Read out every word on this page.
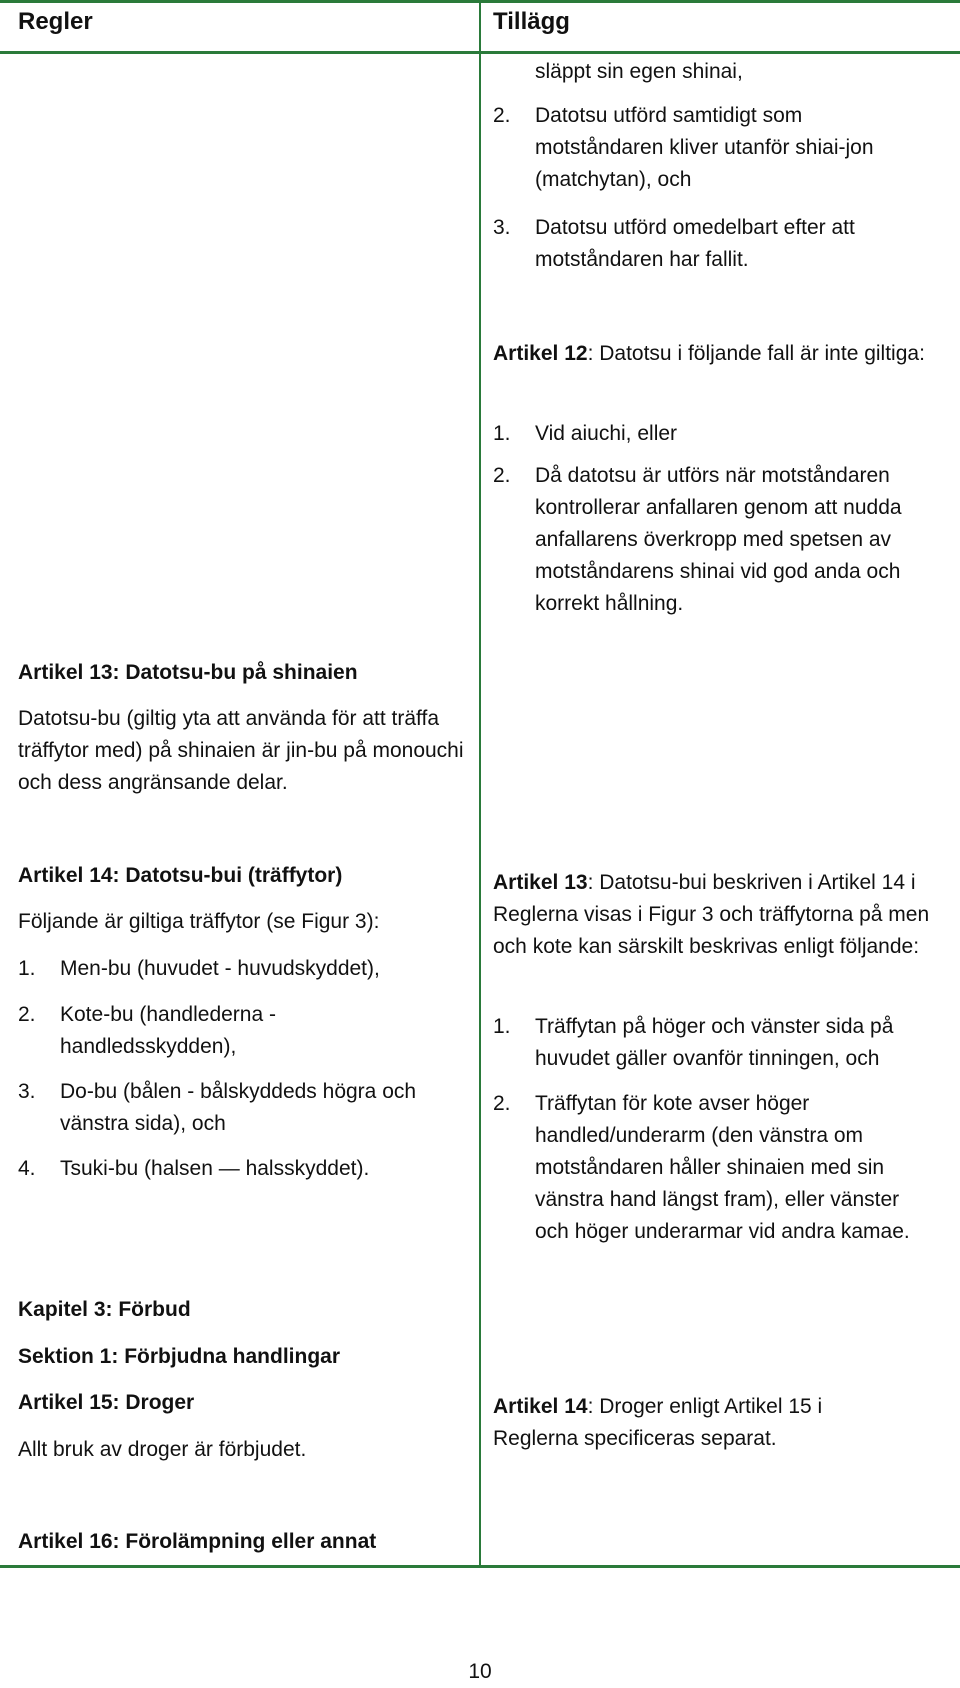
Regler	Tillägg
släppt sin egen shinai,
2. Datotsu utförd samtidigt som motståndaren kliver utanför shiai-jon (matchytan), och
3. Datotsu utförd omedelbart efter att motståndaren har fallit.
Artikel 12: Datotsu i följande fall är inte giltiga:
1. Vid aiuchi, eller
2. Då datotsu är utförs när motståndaren kontrollerar anfallaren genom att nudda anfallarens överkropp med spetsen av motståndarens shinai vid god anda och korrekt hållning.
Artikel 13: Datotsu-bui beskriven i Artikel 14 i Reglerna visas i Figur 3 och träffytorna på men och kote kan särskilt beskrivas enligt följande:
1. Träffytan på höger och vänster sida på huvudet gäller ovanför tinningen, och
2. Träffytan för kote avser höger handled/underarm (den vänstra om motståndaren håller shinaien med sin vänstra hand längst fram), eller vänster och höger underarmar vid andra kamae.
Artikel 14: Droger enligt Artikel 15 i Reglerna specificeras separat.
Artikel 13: Datotsu-bu på shinaien
Datotsu-bu (giltig yta att använda för att träffa träffytor med) på shinaien är jin-bu på monouchi och dess angränsande delar.
Artikel 14: Datotsu-bui (träffytor)
Följande är giltiga träffytor (se Figur 3):
1. Men-bu (huvudet - huvudskyddet),
2. Kote-bu (handlederna - handledsskydden),
3. Do-bu (bålen - bålskyddeds högra och vänstra sida), och
4. Tsuki-bu (halsen — halsskyddet).
Kapitel 3: Förbud
Sektion 1: Förbjudna handlingar
Artikel 15: Droger
Allt bruk av droger är förbjudet.
Artikel 16: Förolämpning eller annat
10
